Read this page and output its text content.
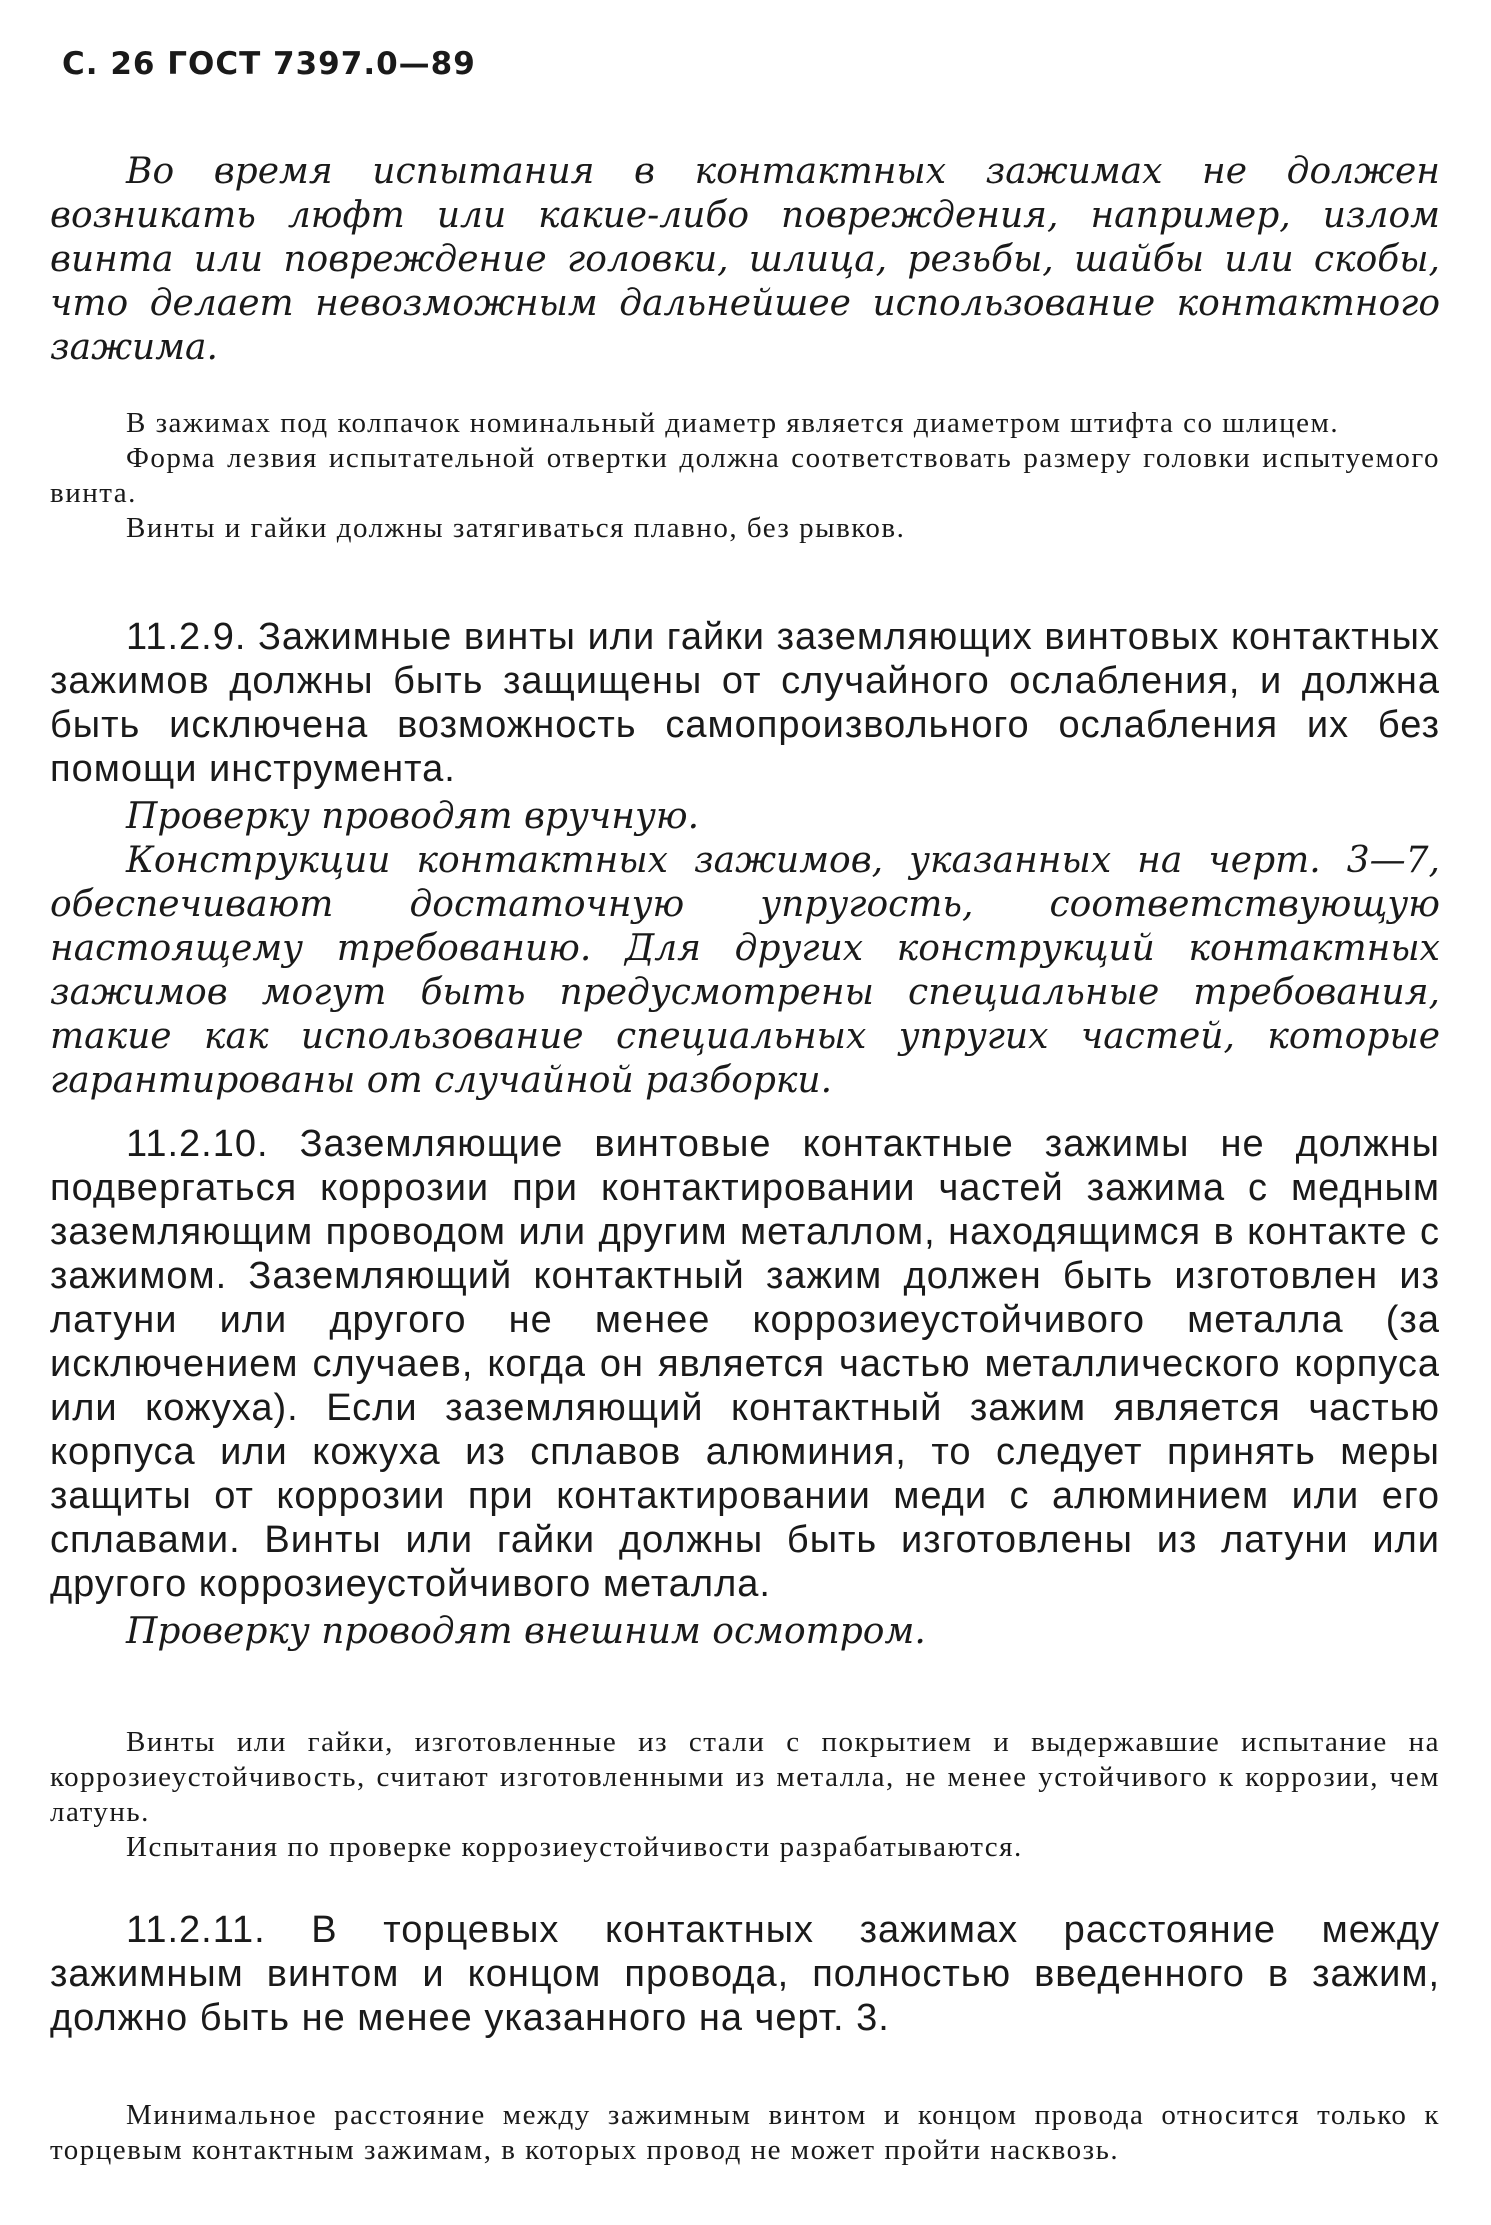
С. 26 ГОСТ 7397.0—89

Во время испытания в контактных зажимах не должен возникать люфт или какие-либо повреждения, например, излом винта или повреждение головки, шлица, резьбы, шайбы или скобы, что делает невозможным дальнейшее использование контактного зажима.

В зажимах под колпачок номинальный диаметр является диаметром штифта со шлицем.

Форма лезвия испытательной отвертки должна соответствовать размеру головки испытуемого винта.

Винты и гайки должны затягиваться плавно, без рывков.

11.2.9. Зажимные винты или гайки заземляющих винтовых контактных зажимов должны быть защищены от случайного ослабления, и должна быть исключена возможность самопроизвольного ослабления их без помощи инструмента.

Проверку проводят вручную.

Конструкции контактных зажимов, указанных на черт. 3—7, обеспечивают достаточную упругость, соответствующую настоящему требованию. Для других конструкций контактных зажимов могут быть предусмотрены специальные требования, такие как использование специальных упругих частей, которые гарантированы от случайной разборки.

11.2.10. Заземляющие винтовые контактные зажимы не должны подвергаться коррозии при контактировании частей зажима с медным заземляющим проводом или другим металлом, находящимся в контакте с зажимом. Заземляющий контактный зажим должен быть изготовлен из латуни или другого не менее коррозиеустойчивого металла (за исключением случаев, когда он является частью металлического корпуса или кожуха). Если заземляющий контактный зажим является частью корпуса или кожуха из сплавов алюминия, то следует принять меры защиты от коррозии при контактировании меди с алюминием или его сплавами. Винты или гайки должны быть изготовлены из латуни или другого коррозиеустойчивого металла.

Проверку проводят внешним осмотром.

Винты или гайки, изготовленные из стали с покрытием и выдержавшие испытание на коррозиеустойчивость, считают изготовленными из металла, не менее устойчивого к коррозии, чем латунь.

Испытания по проверке коррозиеустойчивости разрабатываются.

11.2.11. В торцевых контактных зажимах расстояние между зажимным винтом и концом провода, полностью введенного в зажим, должно быть не менее указанного на черт. 3.

Минимальное расстояние между зажимным винтом и концом провода относится только к торцевым контактным зажимам, в которых провод не может пройти насквозь.
